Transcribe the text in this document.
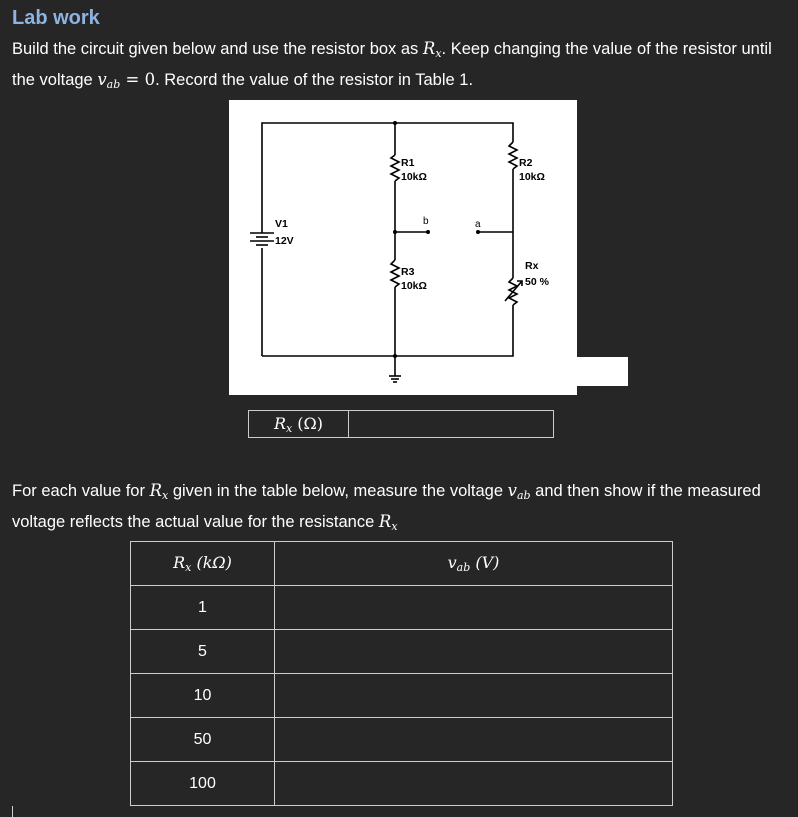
Lab work
Build the circuit given below and use the resistor box as $R_x$. Keep changing the value of the resistor until the voltage $v_{ab} = 0$. Record the value of the resistor in Table 1.
V1
12V
R1
10kΩ
R2
10kΩ
R3
10kΩ
Rx
50 %
b	a
$R_x$ (Ω)	
For each value for $R_x$ given in the table below, measure the voltage $v_{ab}$ and then show if the measured voltage reflects the actual value for the resistance $R_x$
$R_x$ (kΩ)	$v_{ab}$ (V)
1	
5	
10	
50	
100	
